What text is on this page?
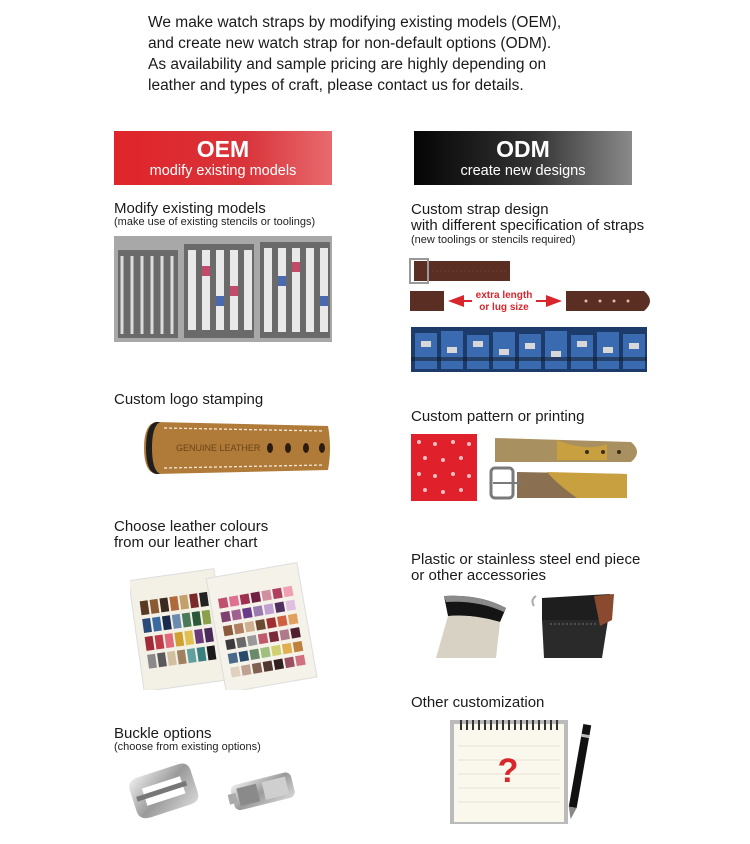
We make watch straps by modifying existing models (OEM),
and create new watch strap for non-default options (ODM).
As availability and sample pricing are highly depending on
leather and types of craft, please contact us for details.
OEM
modify existing models
ODM
create new designs
Modify existing models
(make use of existing stencils or toolings)
Custom logo stamping
GENUINE LEATHER
Choose leather colours
from our leather chart
Buckle options
(choose from existing options)
Custom strap design
with different specification of straps
(new toolings or stencils required)
extra length
or lug size
Custom pattern or printing
Plastic or stainless steel end piece
or other accessories
Other customization
?
